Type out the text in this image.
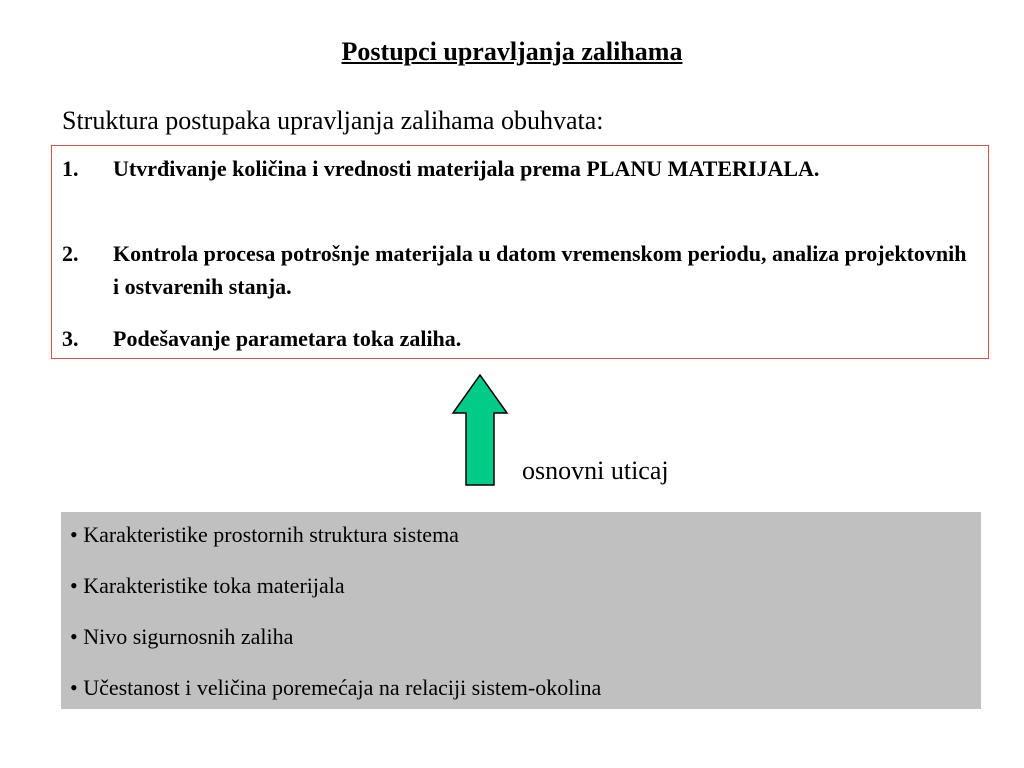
Postupci upravljanja zalihama
Struktura postupaka upravljanja zalihama obuhvata:
1.	Utvrđivanje količina i vrednosti materijala prema PLANU MATERIJALA.
2.	Kontrola procesa potrošnje materijala u datom vremenskom periodu, analiza projektovnih i ostvarenih stanja.
3.	Podešavanje parametara toka zaliha.
osnovni uticaj
• Karakteristike prostornih struktura sistema
• Karakteristike toka materijala
• Nivo sigurnosnih zaliha
• Učestanost i veličina poremećaja na relaciji sistem-okolina
